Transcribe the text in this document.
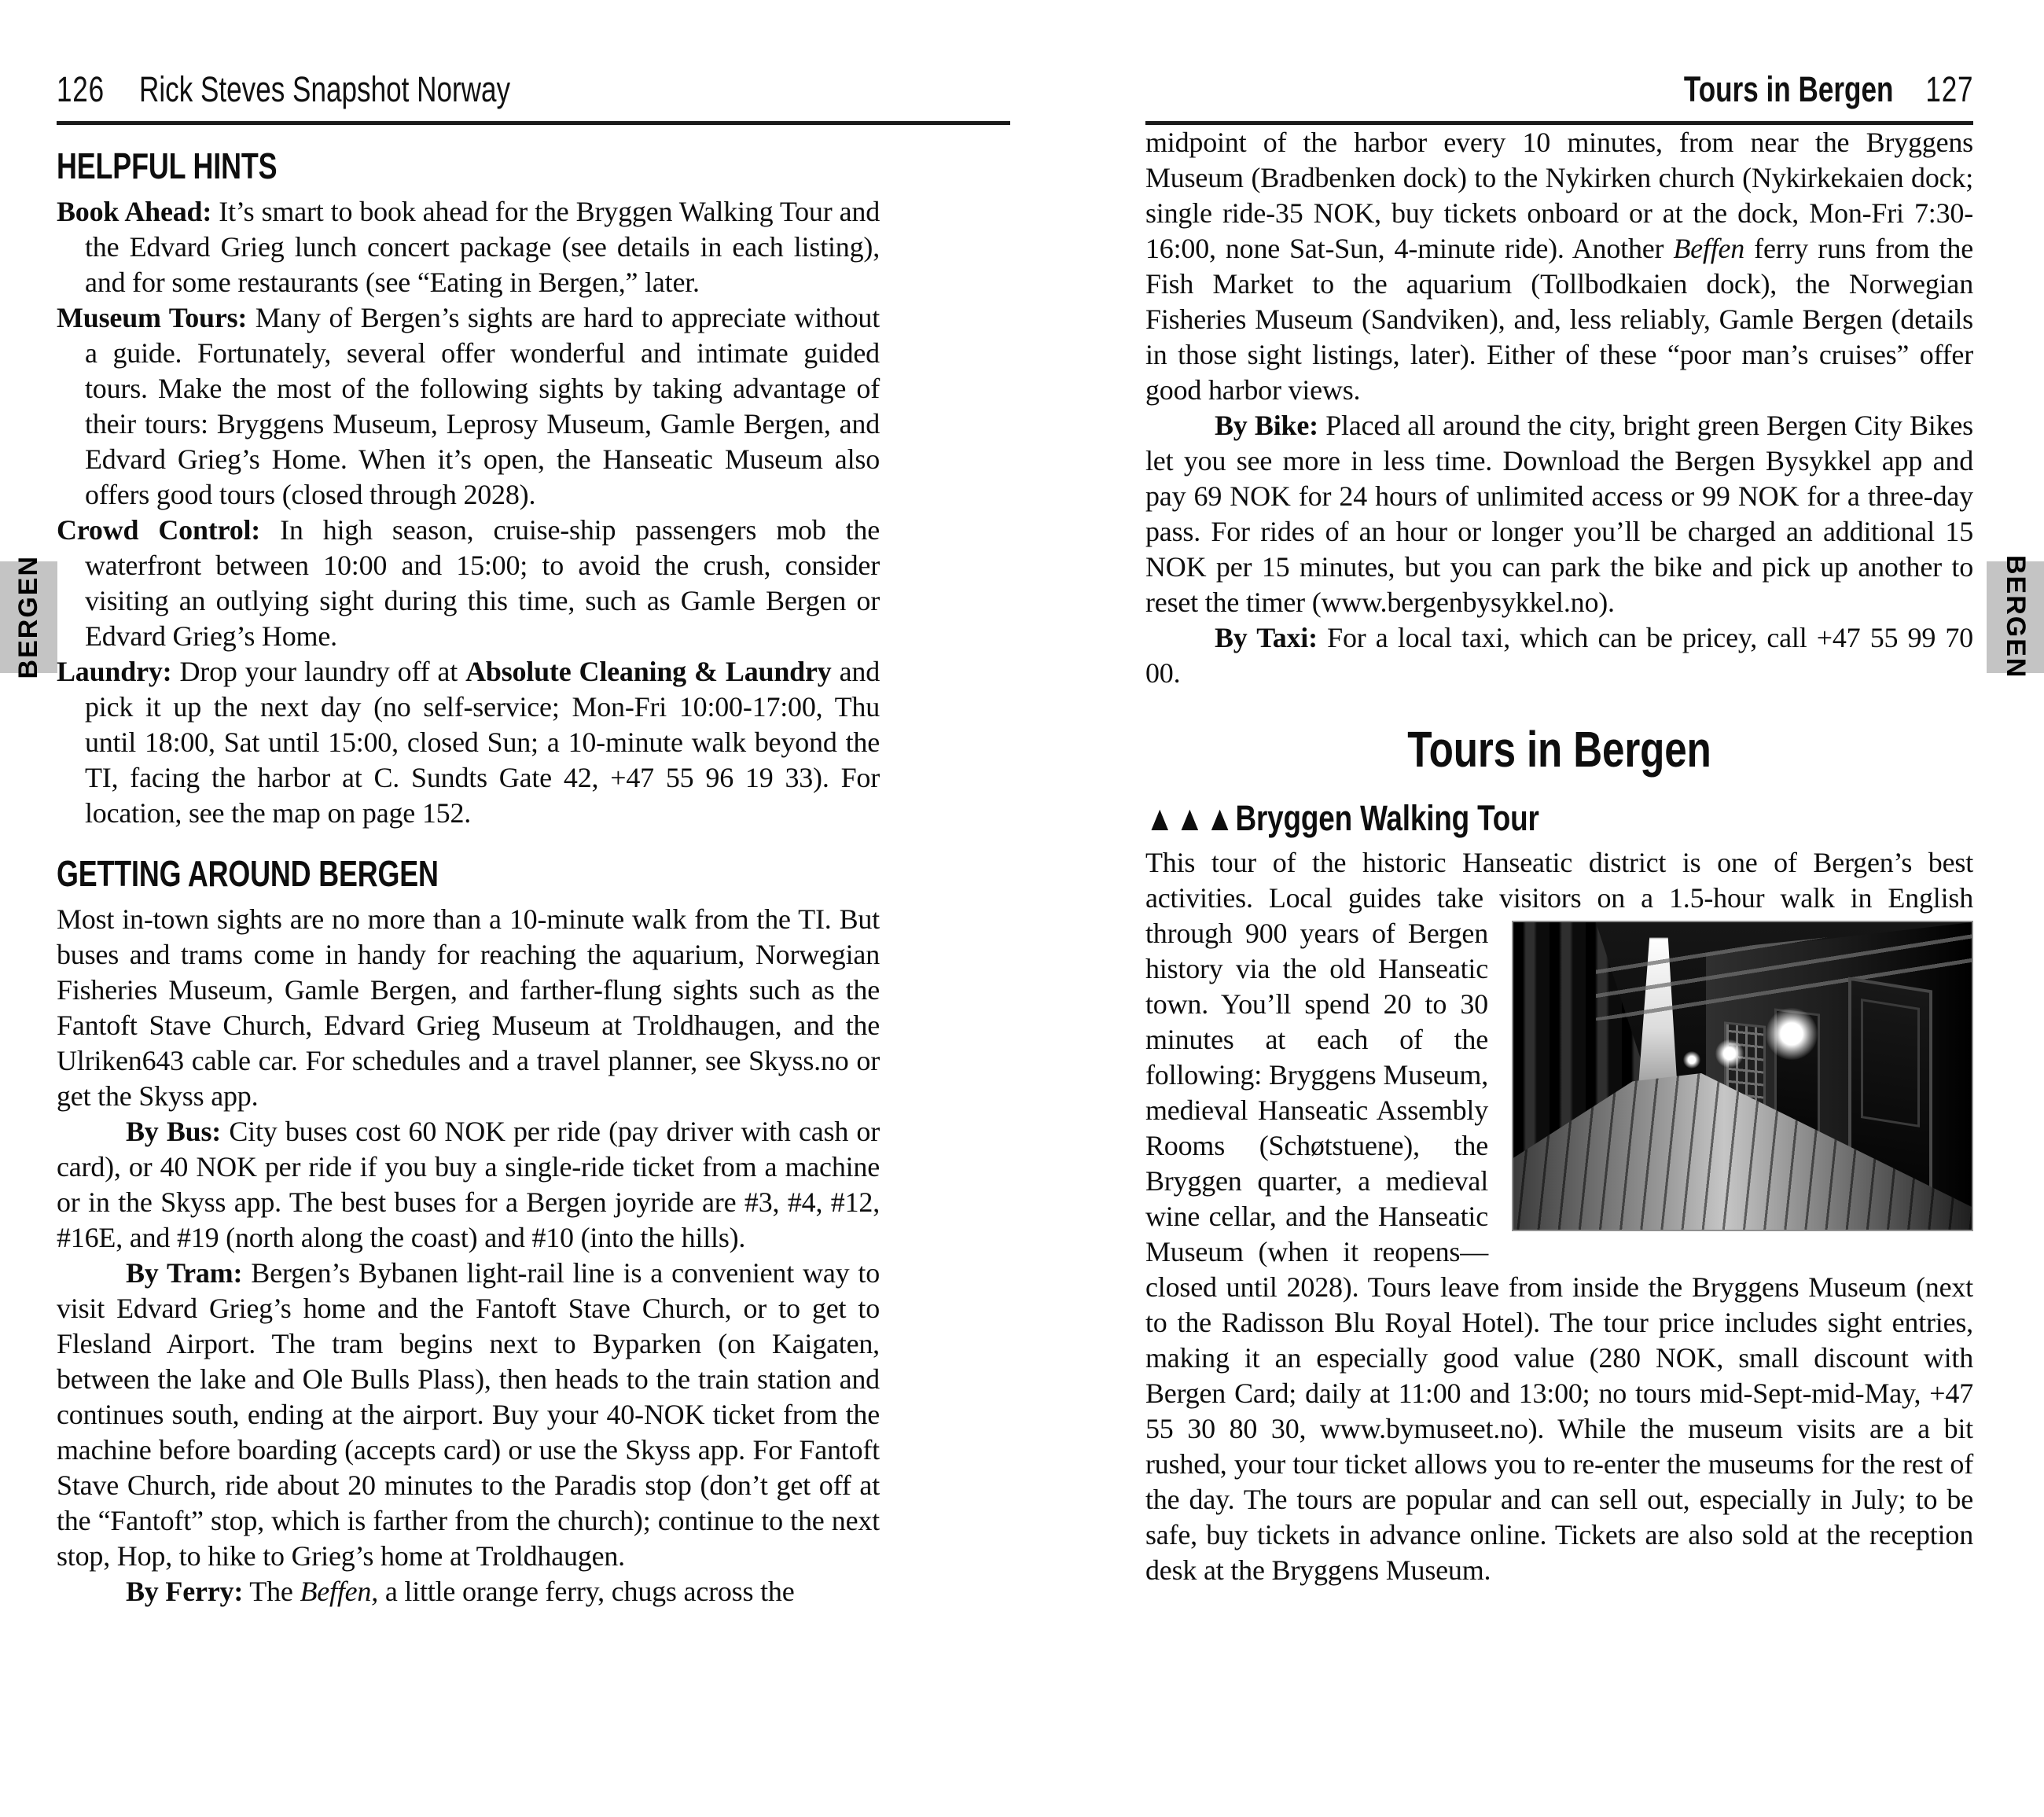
BERGEN	BERGEN
126 Rick Steves Snapshot Norway
HELPFUL HINTS

Book Ahead: It’s smart to book ahead for the Bryggen Walking Tour and the Edvard Grieg lunch concert package (see details in each listing), and for some restaurants (see “Eating in Bergen,” later.

Museum Tours: Many of Bergen’s sights are hard to appreciate without a guide. Fortunately, several offer wonderful and intimate guided tours. Make the most of the following sights by taking advantage of their tours: Bryggens Museum, Leprosy Museum, Gamle Bergen, and Edvard Grieg’s Home. When it’s open, the Hanseatic Museum also offers good tours (closed through 2028).

Crowd Control: In high season, cruise-ship passengers mob the waterfront between 10:00 and 15:00; to avoid the crush, consider visiting an outlying sight during this time, such as Gamle Bergen or Edvard Grieg’s Home.

Laundry: Drop your laundry off at Absolute Cleaning & Laundry and pick it up the next day (no self-service; Mon-Fri 10:00-17:00, Thu until 18:00, Sat until 15:00, closed Sun; a 10-minute walk beyond the TI, facing the harbor at C. Sundts Gate 42, +47 55 96 19 33). For location, see the map on page 152.

GETTING AROUND BERGEN

Most in-town sights are no more than a 10-minute walk from the TI. But buses and trams come in handy for reaching the aquarium, Norwegian Fisheries Museum, Gamle Bergen, and farther-flung sights such as the Fantoft Stave Church, Edvard Grieg Museum at Troldhaugen, and the Ulriken643 cable car. For schedules and a travel planner, see Skyss.no or get the Skyss app.

By Bus: City buses cost 60 NOK per ride (pay driver with cash or card), or 40 NOK per ride if you buy a single-ride ticket from a machine or in the Skyss app. The best buses for a Bergen joyride are #3, #4, #12, #16E, and #19 (north along the coast) and #10 (into the hills).

By Tram: Bergen’s Bybanen light-rail line is a convenient way to visit Edvard Grieg’s home and the Fantoft Stave Church, or to get to Flesland Airport. The tram begins next to Byparken (on Kaigaten, between the lake and Ole Bulls Plass), then heads to the train station and continues south, ending at the airport. Buy your 40-NOK ticket from the machine before boarding (accepts card) or use the Skyss app. For Fantoft Stave Church, ride about 20 minutes to the Paradis stop (don’t get off at the “Fantoft” stop, which is farther from the church); continue to the next stop, Hop, to hike to Grieg’s home at Troldhaugen.

By Ferry: The Beffen, a little orange ferry, chugs across the

Tours in Bergen 127

midpoint of the harbor every 10 minutes, from near the Bryggens Museum (Bradbenken dock) to the Nykirken church (Nykirkekaien dock; single ride-35 NOK, buy tickets onboard or at the dock, Mon-Fri 7:30-16:00, none Sat-Sun, 4-minute ride). Another Beffen ferry runs from the Fish Market to the aquarium (Tollbodkaien dock), the Norwegian Fisheries Museum (Sandviken), and, less reliably, Gamle Bergen (details in those sight listings, later). Either of these “poor man’s cruises” offer good harbor views.

By Bike: Placed all around the city, bright green Bergen City Bikes let you see more in less time. Download the Bergen Bysykkel app and pay 69 NOK for 24 hours of unlimited access or 99 NOK for a three-day pass. For rides of an hour or longer you’ll be charged an additional 15 NOK per 15 minutes, but you can park the bike and pick up another to reset the timer (www.bergenbysykkel.no).

By Taxi: For a local taxi, which can be pricey, call +47 55 99 70 00.

Tours in Bergen
▲▲▲Bryggen Walking Tour
This tour of the historic Hanseatic district is one of Bergen’s best activities. Local guides take visitors on a 1.5-hour walk in English through 900 years of Bergen history via the old Hanseatic town. You’ll spend 20 to 30 minutes at each of the following: Bryggens Museum, medieval Hanseatic Assembly Rooms (Schøtstuene), the Bryggen quarter, a medieval wine cellar, and the Hanseatic Museum (when it reopens—closed until 2028). Tours leave from inside the Bryggens Museum (next to the Radisson Blu Royal Hotel). The tour price includes sight entries, making it an especially good value (280 NOK, small discount with Bergen Card; daily at 11:00 and 13:00; no tours mid-Sept-mid-May, +47 55 30 80 30, www.bymuseet.no). While the museum visits are a bit rushed, your tour ticket allows you to re-enter the museums for the rest of the day. The tours are popular and can sell out, especially in July; to be safe, buy tickets in advance online. Tickets are also sold at the reception desk at the Bryggens Museum.
